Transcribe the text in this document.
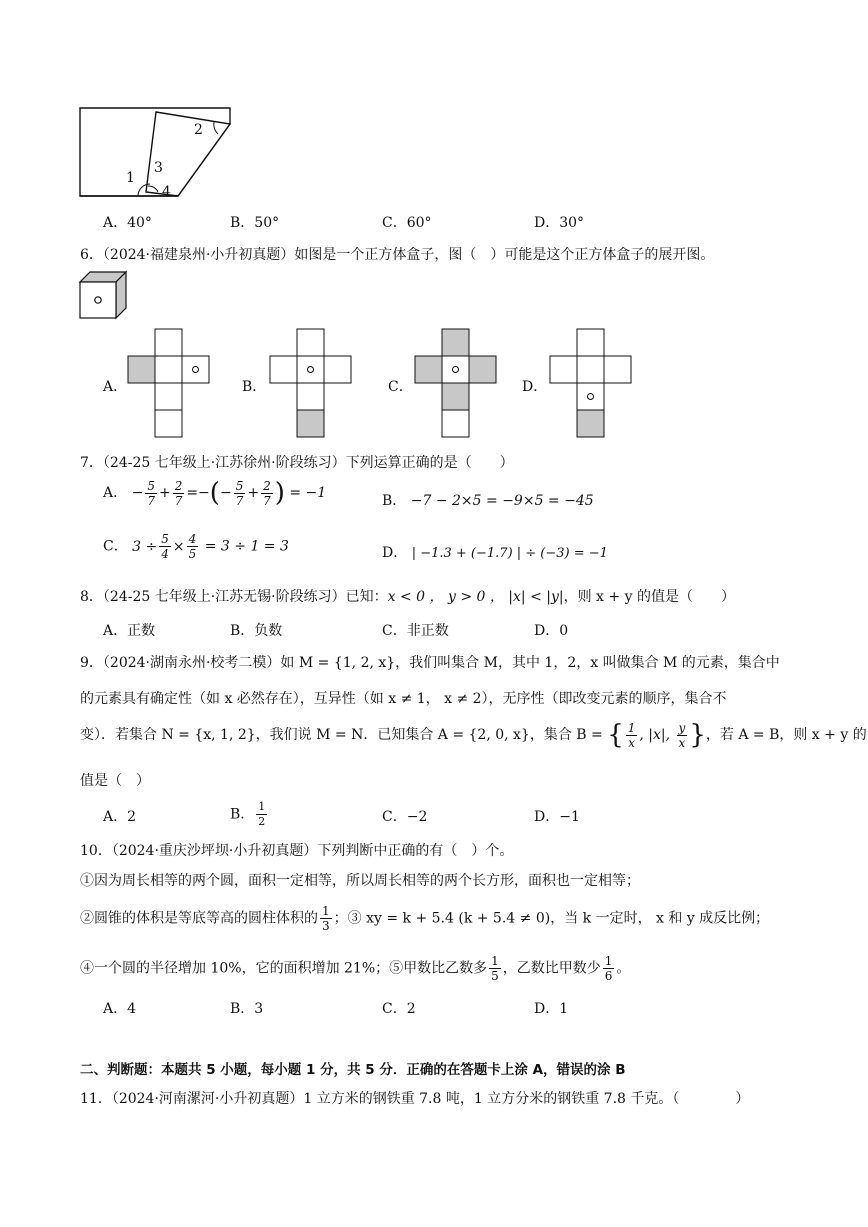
1
2
3
4
A．40°	B．50°	C．60°	D．30°
6．（2024·福建泉州·小升初真题）如图是一个正方体盒子，图（　）可能是这个正方体盒子的展开图。
A．	B．	C．	D．
7．（24-25 七年级上·江苏徐州·阶段练习）下列运算正确的是（　　）
A． − $\frac{5}{7} + \frac{2}{7}$ =−(− $\frac{5}{7} + \frac{2}{7}$ ) = −1	B． −7 − 2×5 = −9×5 = −45
C． $3 \div \frac{5}{4} \times \frac{4}{5} = 3 \div 1 = 3$	D． | −1.3 + (−1.7) | ÷ (−3) = −1
8．（24-25 七年级上·江苏无锡·阶段练习）已知：x < 0 ， y > 0 ， |x| < |y|，则 x + y 的值是（　　）
A．正数	B．负数	C．非正数	D．0
9．（2024·湖南永州·校考二模）如 M = {1, 2, x}，我们叫集合 M，其中 1，2，x 叫做集合 M 的元素，集合中
的元素具有确定性（如 x 必然存在），互异性（如 x ≠ 1， x ≠ 2），无序性（即改变元素的顺序，集合不
变）．若集合 N = {x, 1, 2}，我们说 M = N．已知集合 A = {2, 0, x}，集合 B = { $\frac{1}{x}$ , |x|, $\frac{y}{x}$ }，若 A = B，则 x + y 的
值是（　）
A．2	B． $\frac{1}{2}$	C．−2	D．−1
10．（2024·重庆沙坪坝·小升初真题）下列判断中正确的有（　）个。
①因为周长相等的两个圆，面积一定相等，所以周长相等的两个长方形，面积也一定相等；
②圆锥的体积是等底等高的圆柱体积的 $\frac{1}{3}$ ；③ xy = k + 5.4 (k + 5.4 ≠ 0)，当 k 一定时， x 和 y 成反比例；
④一个圆的半径增加 10%，它的面积增加 21%；⑤甲数比乙数多 $\frac{1}{5}$ ，乙数比甲数少 $\frac{1}{6}$ 。
A．4	B．3	C．2	D．1
二、判断题：本题共 5 小题，每小题 1 分，共 5 分．正确的在答题卡上涂 A，错误的涂 B
11．（2024·河南漯河·小升初真题）1 立方米的钢铁重 7.8 吨，1 立方分米的钢铁重 7.8 千克。（　　　　）
